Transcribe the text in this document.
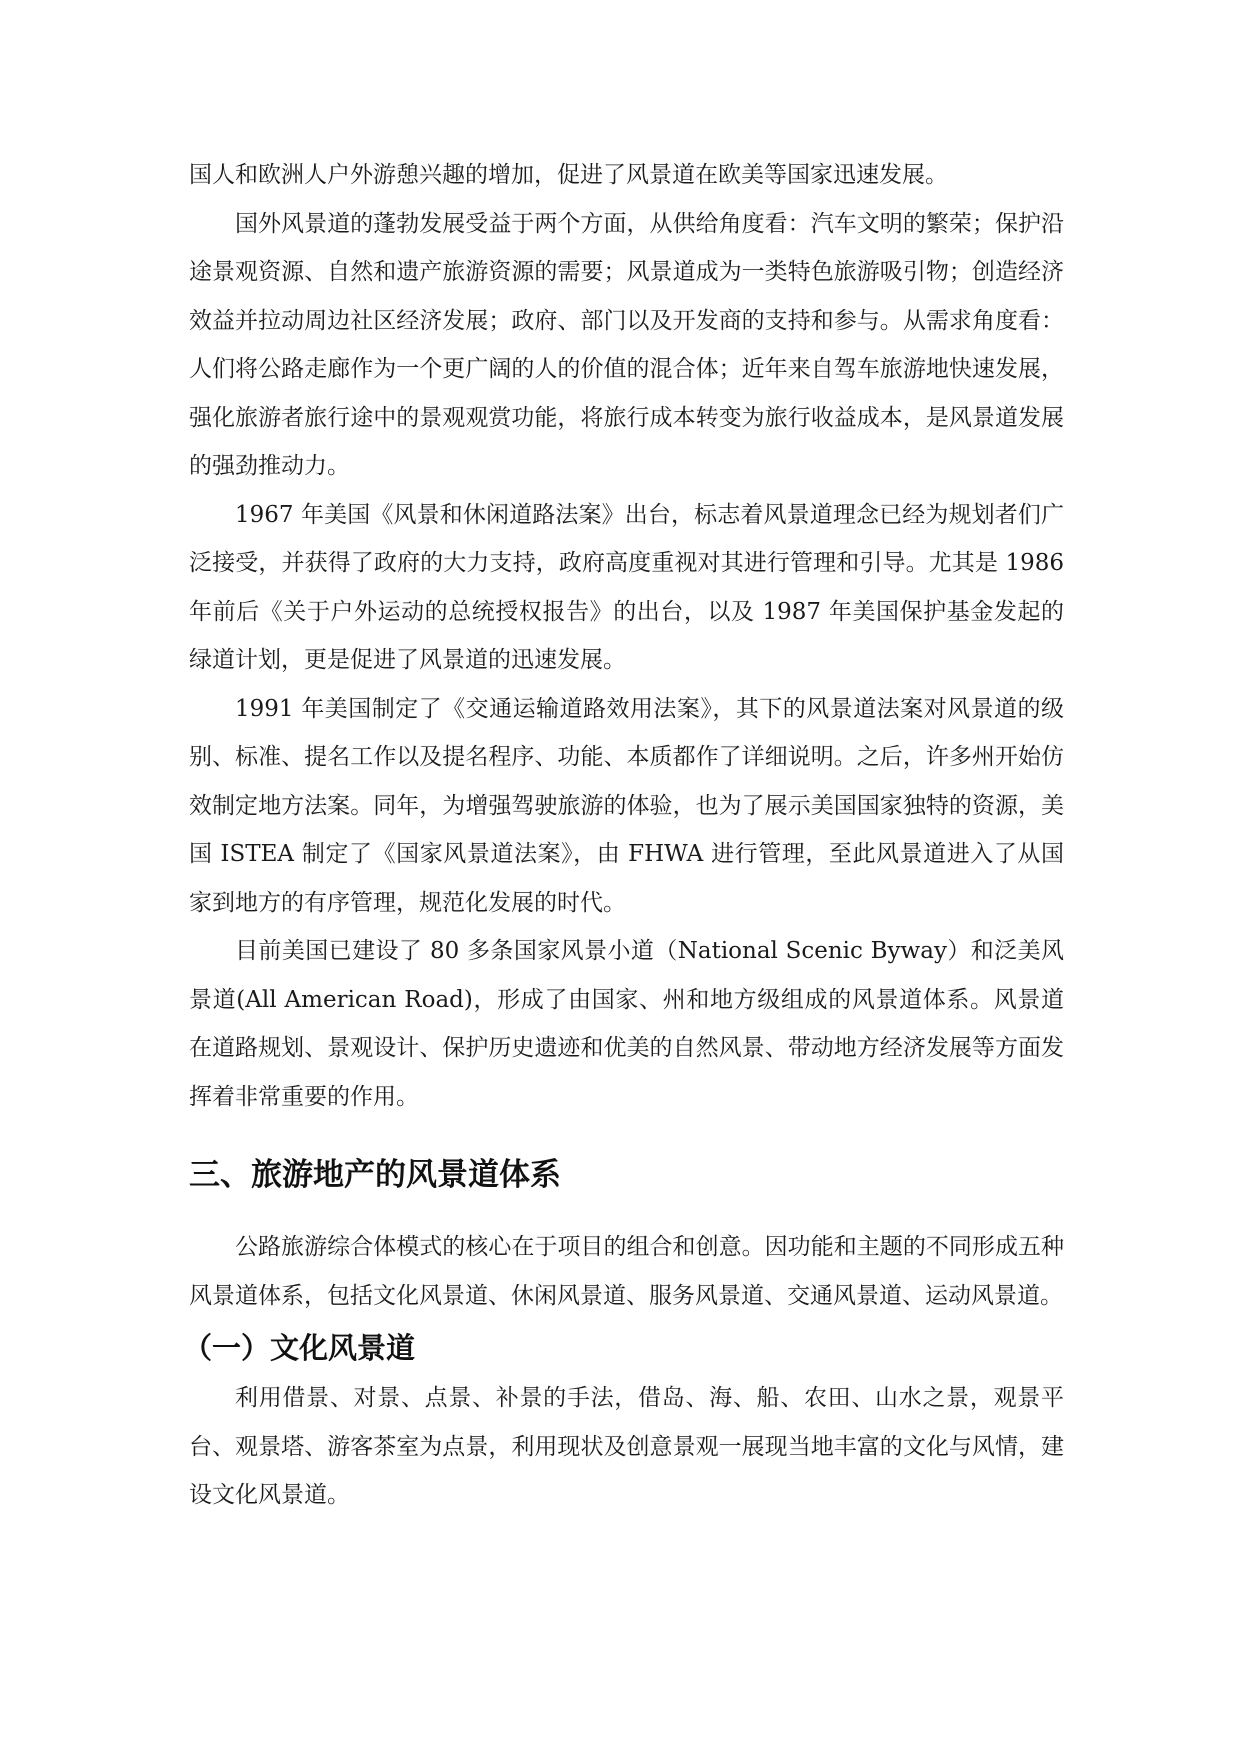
国人和欧洲人户外游憩兴趣的增加，促进了风景道在欧美等国家迅速发展。

国外风景道的蓬勃发展受益于两个方面，从供给角度看：汽车文明的繁荣；保护沿途景观资源、自然和遗产旅游资源的需要；风景道成为一类特色旅游吸引物；创造经济效益并拉动周边社区经济发展；政府、部门以及开发商的支持和参与。从需求角度看：人们将公路走廊作为一个更广阔的人的价值的混合体；近年来自驾车旅游地快速发展，强化旅游者旅行途中的景观观赏功能，将旅行成本转变为旅行收益成本，是风景道发展的强劲推动力。

1967 年美国《风景和休闲道路法案》出台，标志着风景道理念已经为规划者们广泛接受，并获得了政府的大力支持，政府高度重视对其进行管理和引导。尤其是 1986 年前后《关于户外运动的总统授权报告》的出台，以及 1987 年美国保护基金发起的绿道计划，更是促进了风景道的迅速发展。

1991 年美国制定了《交通运输道路效用法案》，其下的风景道法案对风景道的级别、标准、提名工作以及提名程序、功能、本质都作了详细说明。之后，许多州开始仿效制定地方法案。同年，为增强驾驶旅游的体验，也为了展示美国国家独特的资源，美国 ISTEA 制定了《国家风景道法案》，由 FHWA 进行管理，至此风景道进入了从国家到地方的有序管理，规范化发展的时代。

目前美国已建设了 80 多条国家风景小道（National Scenic Byway）和泛美风景道(All American Road)，形成了由国家、州和地方级组成的风景道体系。风景道在道路规划、景观设计、保护历史遗迹和优美的自然风景、带动地方经济发展等方面发挥着非常重要的作用。

三、旅游地产的风景道体系

公路旅游综合体模式的核心在于项目的组合和创意。因功能和主题的不同形成五种风景道体系，包括文化风景道、休闲风景道、服务风景道、交通风景道、运动风景道。

（一）文化风景道

利用借景、对景、点景、补景的手法，借岛、海、船、农田、山水之景，观景平台、观景塔、游客茶室为点景，利用现状及创意景观一展现当地丰富的文化与风情，建设文化风景道。
